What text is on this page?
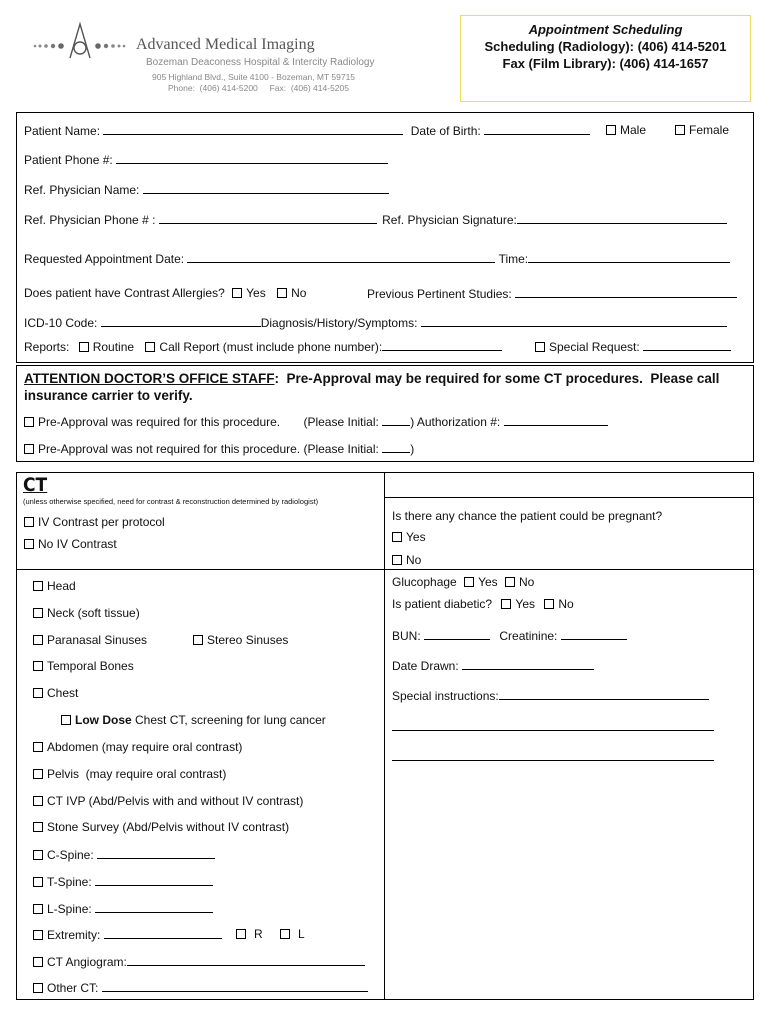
Advanced Medical Imaging
Bozeman Deaconess Hospital & Intercity Radiology
905 Highland Blvd., Suite 4100 - Bozeman, MT 59715
Phone:  (406) 414-5200     Fax:  (406) 414-5205
Appointment Scheduling
Scheduling (Radiology): (406) 414-5201
Fax (Film Library): (406) 414-1657
Patient Name:	Date of Birth:	Male	Female
Patient Phone #:
Ref. Physician Name:
Ref. Physician Phone # :	Ref. Physician Signature:
Requested Appointment Date:	Time:
Does patient have Contrast Allergies? Yes No	Previous Pertinent Studies:
ICD-10 Code:	Diagnosis/History/Symptoms:
Reports: Routine Call Report (must include phone number):	Special Request:
ATTENTION DOCTOR’S OFFICE STAFF:  Pre-Approval may be required for some CT procedures.  Please call
insurance carrier to verify.
Pre-Approval was required for this procedure. (Please Initial:	) Authorization #:
Pre-Approval was not required for this procedure. (Please Initial:	)
CT
(unless otherwise specified, need for contrast & reconstruction determined by radiologist)
IV Contrast per protocol
No IV Contrast
Is there any chance the patient could be pregnant?
Yes
No
Head
Neck (soft tissue)
Paranasal Sinuses	Stereo Sinuses
Temporal Bones
Chest
Low Dose Chest CT, screening for lung cancer
Abdomen (may require oral contrast)
Pelvis  (may require oral contrast)
CT IVP (Abd/Pelvis with and without IV contrast)
Stone Survey (Abd/Pelvis without IV contrast)
C-Spine:
T-Spine:
L-Spine:
Extremity:	R	L
CT Angiogram:
Other CT:
Glucophage Yes No
Is patient diabetic? Yes No
BUN:	Creatinine:
Date Drawn:
Special instructions:
